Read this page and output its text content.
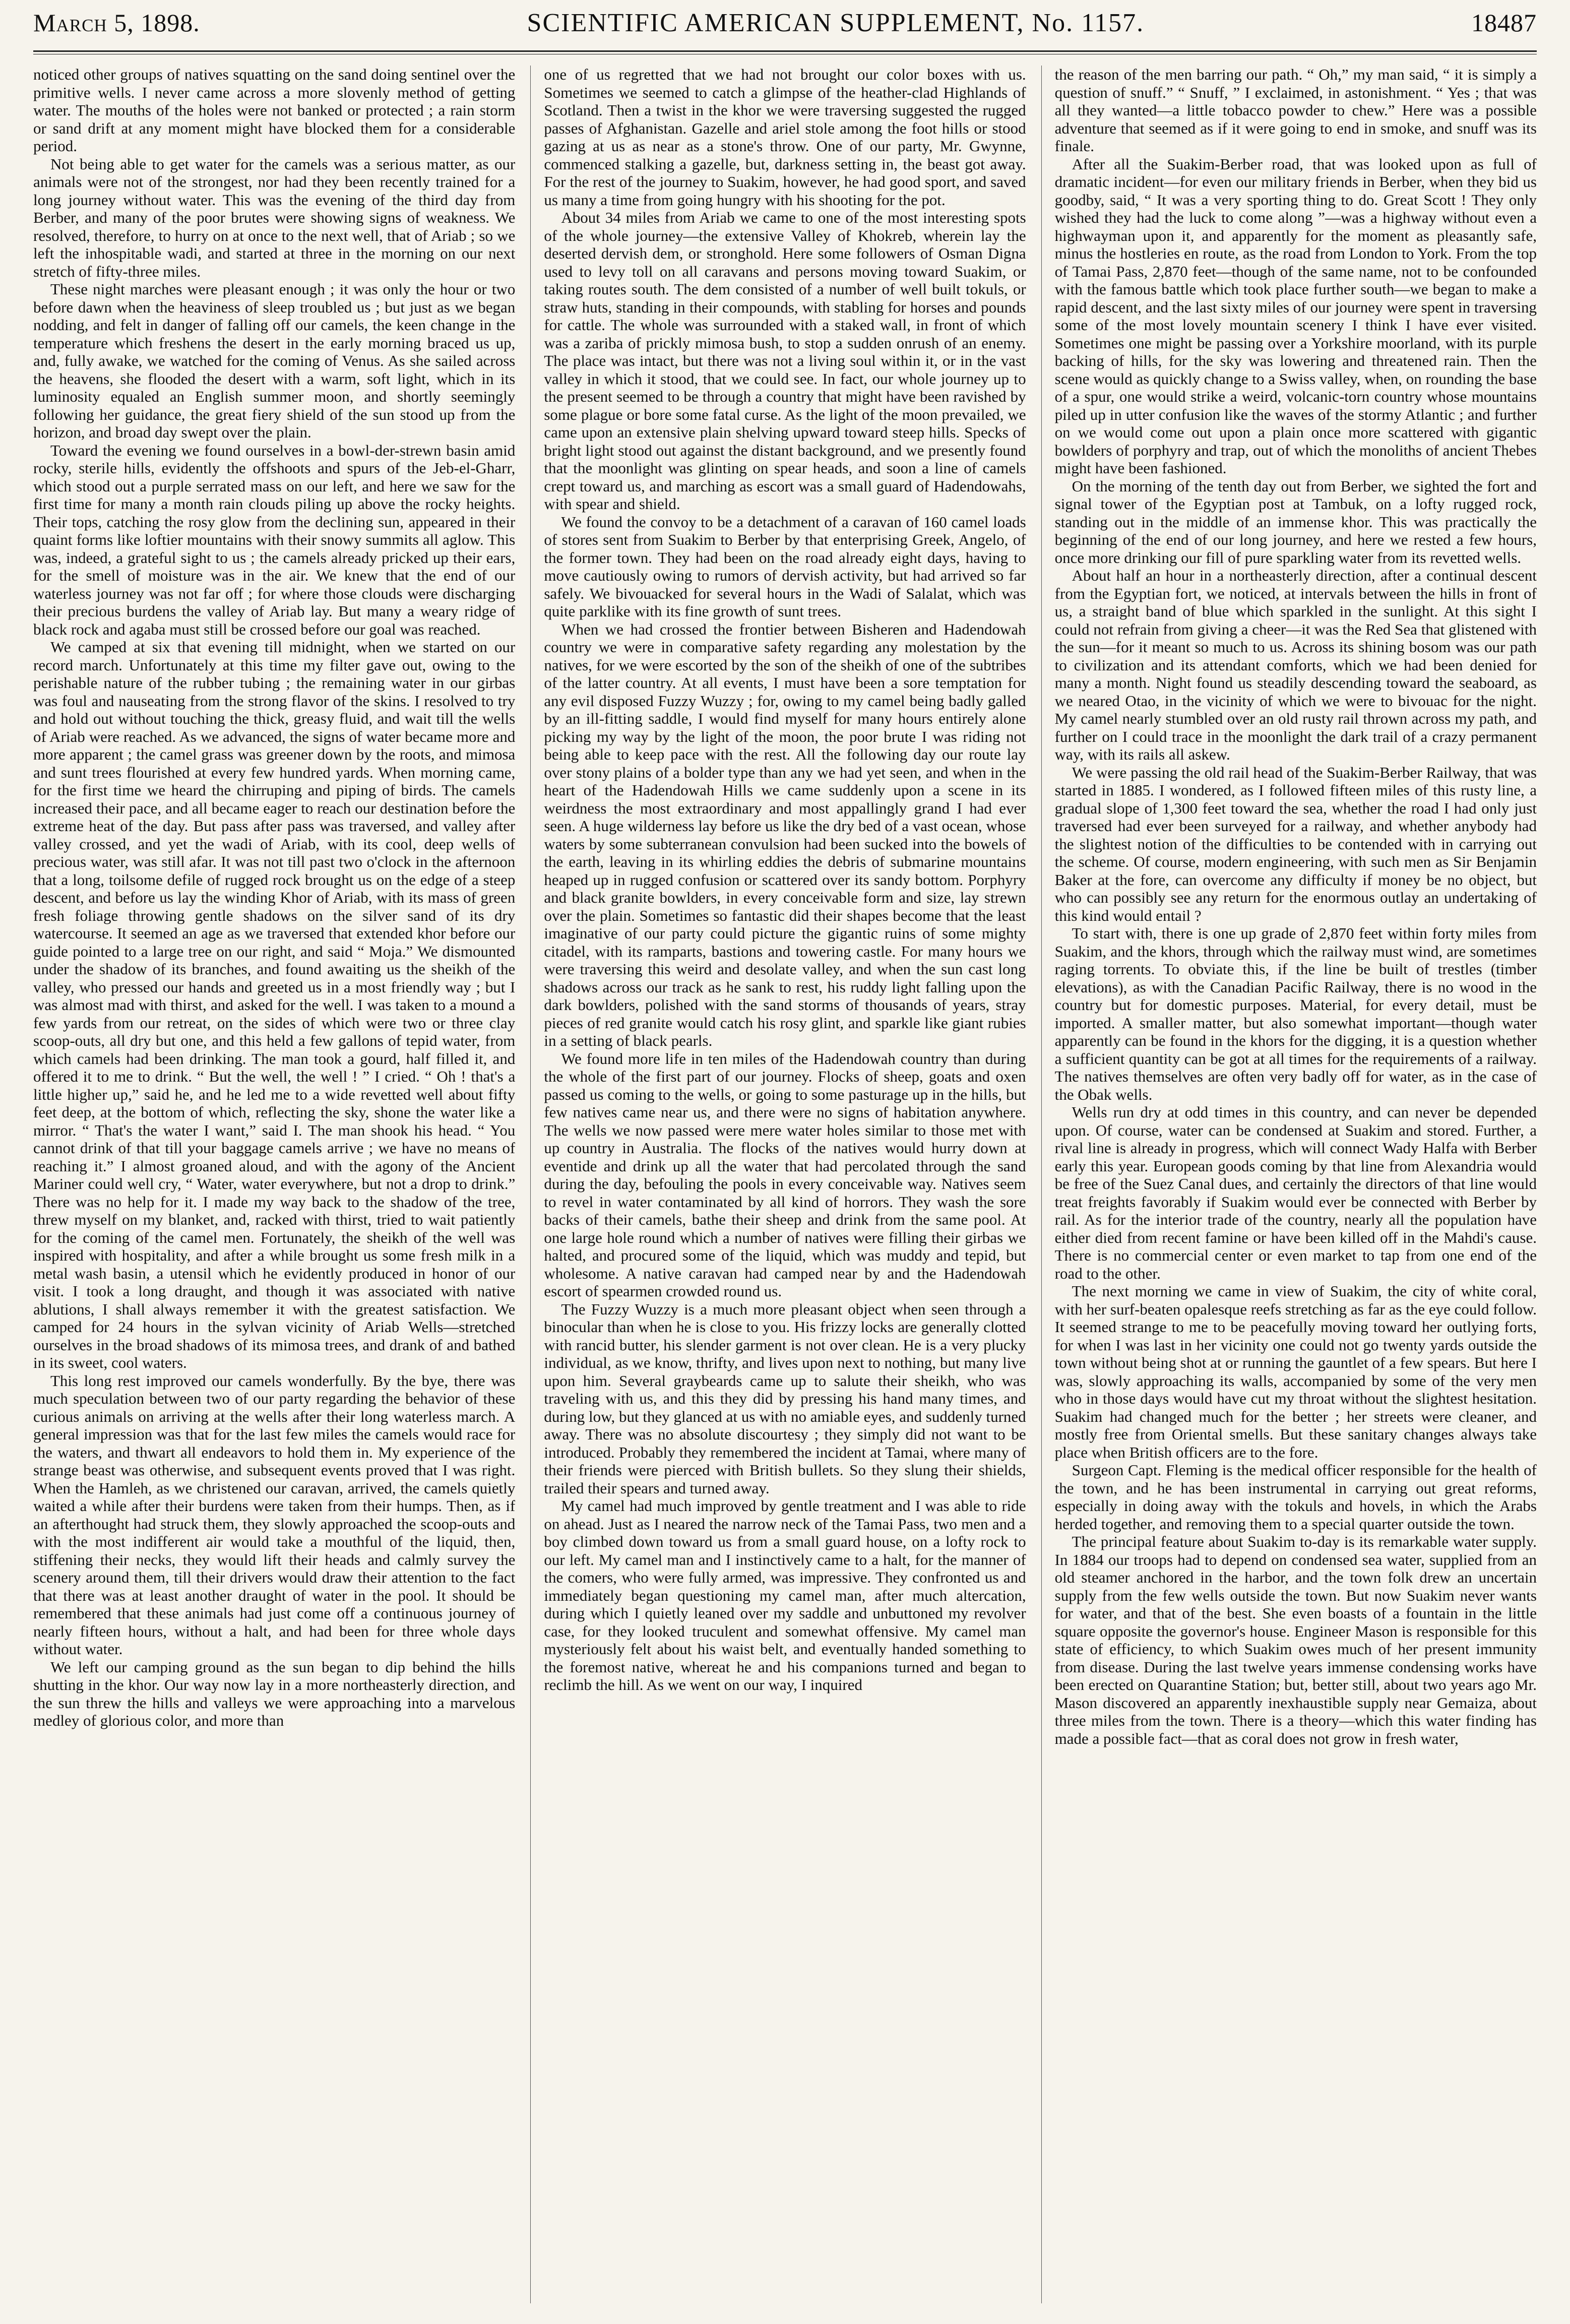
March 5, 1898.	SCIENTIFIC AMERICAN SUPPLEMENT, No. 1157.	18487

noticed other groups of natives squatting on the sand doing sentinel over the primitive wells. I never came across a more slovenly method of getting water. The mouths of the holes were not banked or protected ; a rain storm or sand drift at any moment might have blocked them for a considerable period.

Not being able to get water for the camels was a serious matter, as our animals were not of the strongest, nor had they been recently trained for a long journey without water. This was the evening of the third day from Berber, and many of the poor brutes were showing signs of weakness. We resolved, therefore, to hurry on at once to the next well, that of Ariab ; so we left the inhospitable wadi, and started at three in the morning on our next stretch of fifty-three miles.

These night marches were pleasant enough ; it was only the hour or two before dawn when the heaviness of sleep troubled us ; but just as we began nodding, and felt in danger of falling off our camels, the keen change in the temperature which freshens the desert in the early morning braced us up, and, fully awake, we watched for the coming of Venus. As she sailed across the heavens, she flooded the desert with a warm, soft light, which in its luminosity equaled an English summer moon, and shortly seemingly following her guidance, the great fiery shield of the sun stood up from the horizon, and broad day swept over the plain.

Toward the evening we found ourselves in a bowl-der-strewn basin amid rocky, sterile hills, evidently the offshoots and spurs of the Jeb-el-Gharr, which stood out a purple serrated mass on our left, and here we saw for the first time for many a month rain clouds piling up above the rocky heights. Their tops, catching the rosy glow from the declining sun, appeared in their quaint forms like loftier mountains with their snowy summits all aglow. This was, indeed, a grateful sight to us ; the camels already pricked up their ears, for the smell of moisture was in the air. We knew that the end of our waterless journey was not far off ; for where those clouds were discharging their precious burdens the valley of Ariab lay. But many a weary ridge of black rock and agaba must still be crossed before our goal was reached.

We camped at six that evening till midnight, when we started on our record march. Unfortunately at this time my filter gave out, owing to the perishable nature of the rubber tubing ; the remaining water in our girbas was foul and nauseating from the strong flavor of the skins. I resolved to try and hold out without touching the thick, greasy fluid, and wait till the wells of Ariab were reached. As we advanced, the signs of water became more and more apparent ; the camel grass was greener down by the roots, and mimosa and sunt trees flourished at every few hundred yards. When morning came, for the first time we heard the chirruping and piping of birds. The camels increased their pace, and all became eager to reach our destination before the extreme heat of the day. But pass after pass was traversed, and valley after valley crossed, and yet the wadi of Ariab, with its cool, deep wells of precious water, was still afar. It was not till past two o'clock in the afternoon that a long, toilsome defile of rugged rock brought us on the edge of a steep descent, and before us lay the winding Khor of Ariab, with its mass of green fresh foliage throwing gentle shadows on the silver sand of its dry watercourse. It seemed an age as we traversed that extended khor before our guide pointed to a large tree on our right, and said “ Moja.” We dismounted under the shadow of its branches, and found awaiting us the sheikh of the valley, who pressed our hands and greeted us in a most friendly way ; but I was almost mad with thirst, and asked for the well. I was taken to a mound a few yards from our retreat, on the sides of which were two or three clay scoop-outs, all dry but one, and this held a few gallons of tepid water, from which camels had been drinking. The man took a gourd, half filled it, and offered it to me to drink. “ But the well, the well ! ” I cried. “ Oh ! that's a little higher up,” said he, and he led me to a wide revetted well about fifty feet deep, at the bottom of which, reflecting the sky, shone the water like a mirror. “ That's the water I want,” said I. The man shook his head. “ You cannot drink of that till your baggage camels arrive ; we have no means of reaching it.” I almost groaned aloud, and with the agony of the Ancient Mariner could well cry, “ Water, water everywhere, but not a drop to drink.” There was no help for it. I made my way back to the shadow of the tree, threw myself on my blanket, and, racked with thirst, tried to wait patiently for the coming of the camel men. Fortunately, the sheikh of the well was inspired with hospitality, and after a while brought us some fresh milk in a metal wash basin, a utensil which he evidently produced in honor of our visit. I took a long draught, and though it was associated with native ablutions, I shall always remember it with the greatest satisfaction. We camped for 24 hours in the sylvan vicinity of Ariab Wells—stretched ourselves in the broad shadows of its mimosa trees, and drank of and bathed in its sweet, cool waters.

This long rest improved our camels wonderfully. By the bye, there was much speculation between two of our party regarding the behavior of these curious animals on arriving at the wells after their long waterless march. A general impression was that for the last few miles the camels would race for the waters, and thwart all endeavors to hold them in. My experience of the strange beast was otherwise, and subsequent events proved that I was right. When the Hamleh, as we christened our caravan, arrived, the camels quietly waited a while after their burdens were taken from their humps. Then, as if an afterthought had struck them, they slowly approached the scoop-outs and with the most indifferent air would take a mouthful of the liquid, then, stiffening their necks, they would lift their heads and calmly survey the scenery around them, till their drivers would draw their attention to the fact that there was at least another draught of water in the pool. It should be remembered that these animals had just come off a continuous journey of nearly fifteen hours, without a halt, and had been for three whole days without water.

We left our camping ground as the sun began to dip behind the hills shutting in the khor. Our way now lay in a more northeasterly direction, and the sun threw the hills and valleys we were approaching into a marvelous medley of glorious color, and more than

one of us regretted that we had not brought our color boxes with us. Sometimes we seemed to catch a glimpse of the heather-clad Highlands of Scotland. Then a twist in the khor we were traversing suggested the rugged passes of Afghanistan. Gazelle and ariel stole among the foot hills or stood gazing at us as near as a stone's throw. One of our party, Mr. Gwynne, commenced stalking a gazelle, but, darkness setting in, the beast got away. For the rest of the journey to Suakim, however, he had good sport, and saved us many a time from going hungry with his shooting for the pot.

About 34 miles from Ariab we came to one of the most interesting spots of the whole journey—the extensive Valley of Khokreb, wherein lay the deserted dervish dem, or stronghold. Here some followers of Osman Digna used to levy toll on all caravans and persons moving toward Suakim, or taking routes south. The dem consisted of a number of well built tokuls, or straw huts, standing in their compounds, with stabling for horses and pounds for cattle. The whole was surrounded with a staked wall, in front of which was a zariba of prickly mimosa bush, to stop a sudden onrush of an enemy. The place was intact, but there was not a living soul within it, or in the vast valley in which it stood, that we could see. In fact, our whole journey up to the present seemed to be through a country that might have been ravished by some plague or bore some fatal curse. As the light of the moon prevailed, we came upon an extensive plain shelving upward toward steep hills. Specks of bright light stood out against the distant background, and we presently found that the moonlight was glinting on spear heads, and soon a line of camels crept toward us, and marching as escort was a small guard of Hadendowahs, with spear and shield.

We found the convoy to be a detachment of a caravan of 160 camel loads of stores sent from Suakim to Berber by that enterprising Greek, Angelo, of the former town. They had been on the road already eight days, having to move cautiously owing to rumors of dervish activity, but had arrived so far safely. We bivouacked for several hours in the Wadi of Salalat, which was quite parklike with its fine growth of sunt trees.

When we had crossed the frontier between Bisheren and Hadendowah country we were in comparative safety regarding any molestation by the natives, for we were escorted by the son of the sheikh of one of the subtribes of the latter country. At all events, I must have been a sore temptation for any evil disposed Fuzzy Wuzzy ; for, owing to my camel being badly galled by an ill-fitting saddle, I would find myself for many hours entirely alone picking my way by the light of the moon, the poor brute I was riding not being able to keep pace with the rest. All the following day our route lay over stony plains of a bolder type than any we had yet seen, and when in the heart of the Hadendowah Hills we came suddenly upon a scene in its weirdness the most extraordinary and most appallingly grand I had ever seen. A huge wilderness lay before us like the dry bed of a vast ocean, whose waters by some subterranean convulsion had been sucked into the bowels of the earth, leaving in its whirling eddies the debris of submarine mountains heaped up in rugged confusion or scattered over its sandy bottom. Porphyry and black granite bowlders, in every conceivable form and size, lay strewn over the plain. Sometimes so fantastic did their shapes become that the least imaginative of our party could picture the gigantic ruins of some mighty citadel, with its ramparts, bastions and towering castle. For many hours we were traversing this weird and desolate valley, and when the sun cast long shadows across our track as he sank to rest, his ruddy light falling upon the dark bowlders, polished with the sand storms of thousands of years, stray pieces of red granite would catch his rosy glint, and sparkle like giant rubies in a setting of black pearls.

We found more life in ten miles of the Hadendowah country than during the whole of the first part of our journey. Flocks of sheep, goats and oxen passed us coming to the wells, or going to some pasturage up in the hills, but few natives came near us, and there were no signs of habitation anywhere. The wells we now passed were mere water holes similar to those met with up country in Australia. The flocks of the natives would hurry down at eventide and drink up all the water that had percolated through the sand during the day, befouling the pools in every conceivable way. Natives seem to revel in water contaminated by all kind of horrors. They wash the sore backs of their camels, bathe their sheep and drink from the same pool. At one large hole round which a number of natives were filling their girbas we halted, and procured some of the liquid, which was muddy and tepid, but wholesome. A native caravan had camped near by and the Hadendowah escort of spearmen crowded round us.

The Fuzzy Wuzzy is a much more pleasant object when seen through a binocular than when he is close to you. His frizzy locks are generally clotted with rancid butter, his slender garment is not over clean. He is a very plucky individual, as we know, thrifty, and lives upon next to nothing, but many live upon him. Several graybeards came up to salute their sheikh, who was traveling with us, and this they did by pressing his hand many times, and during low, but they glanced at us with no amiable eyes, and suddenly turned away. There was no absolute discourtesy ; they simply did not want to be introduced. Probably they remembered the incident at Tamai, where many of their friends were pierced with British bullets. So they slung their shields, trailed their spears and turned away.

My camel had much improved by gentle treatment and I was able to ride on ahead. Just as I neared the narrow neck of the Tamai Pass, two men and a boy climbed down toward us from a small guard house, on a lofty rock to our left. My camel man and I instinctively came to a halt, for the manner of the comers, who were fully armed, was impressive. They confronted us and immediately began questioning my camel man, after much altercation, during which I quietly leaned over my saddle and unbuttoned my revolver case, for they looked truculent and somewhat offensive. My camel man mysteriously felt about his waist belt, and eventually handed something to the foremost native, whereat he and his companions turned and began to reclimb the hill. As we went on our way, I inquired

the reason of the men barring our path. “ Oh,” my man said, “ it is simply a question of snuff.” “ Snuff, ” I exclaimed, in astonishment. “ Yes ; that was all they wanted—a little tobacco powder to chew.” Here was a possible adventure that seemed as if it were going to end in smoke, and snuff was its finale.

After all the Suakim-Berber road, that was looked upon as full of dramatic incident—for even our military friends in Berber, when they bid us goodby, said, “ It was a very sporting thing to do. Great Scott ! They only wished they had the luck to come along ”—was a highway without even a highwayman upon it, and apparently for the moment as pleasantly safe, minus the hostleries en route, as the road from London to York. From the top of Tamai Pass, 2,870 feet—though of the same name, not to be confounded with the famous battle which took place further south—we began to make a rapid descent, and the last sixty miles of our journey were spent in traversing some of the most lovely mountain scenery I think I have ever visited. Sometimes one might be passing over a Yorkshire moorland, with its purple backing of hills, for the sky was lowering and threatened rain. Then the scene would as quickly change to a Swiss valley, when, on rounding the base of a spur, one would strike a weird, volcanic-torn country whose mountains piled up in utter confusion like the waves of the stormy Atlantic ; and further on we would come out upon a plain once more scattered with gigantic bowlders of porphyry and trap, out of which the monoliths of ancient Thebes might have been fashioned.

On the morning of the tenth day out from Berber, we sighted the fort and signal tower of the Egyptian post at Tambuk, on a lofty rugged rock, standing out in the middle of an immense khor. This was practically the beginning of the end of our long journey, and here we rested a few hours, once more drinking our fill of pure sparkling water from its revetted wells.

About half an hour in a northeasterly direction, after a continual descent from the Egyptian fort, we noticed, at intervals between the hills in front of us, a straight band of blue which sparkled in the sunlight. At this sight I could not refrain from giving a cheer—it was the Red Sea that glistened with the sun—for it meant so much to us. Across its shining bosom was our path to civilization and its attendant comforts, which we had been denied for many a month. Night found us steadily descending toward the seaboard, as we neared Otao, in the vicinity of which we were to bivouac for the night. My camel nearly stumbled over an old rusty rail thrown across my path, and further on I could trace in the moonlight the dark trail of a crazy permanent way, with its rails all askew.

We were passing the old rail head of the Suakim-Berber Railway, that was started in 1885. I wondered, as I followed fifteen miles of this rusty line, a gradual slope of 1,300 feet toward the sea, whether the road I had only just traversed had ever been surveyed for a railway, and whether anybody had the slightest notion of the difficulties to be contended with in carrying out the scheme. Of course, modern engineering, with such men as Sir Benjamin Baker at the fore, can overcome any difficulty if money be no object, but who can possibly see any return for the enormous outlay an undertaking of this kind would entail ?

To start with, there is one up grade of 2,870 feet within forty miles from Suakim, and the khors, through which the railway must wind, are sometimes raging torrents. To obviate this, if the line be built of trestles (timber elevations), as with the Canadian Pacific Railway, there is no wood in the country but for domestic purposes. Material, for every detail, must be imported. A smaller matter, but also somewhat important—though water apparently can be found in the khors for the digging, it is a question whether a sufficient quantity can be got at all times for the requirements of a railway. The natives themselves are often very badly off for water, as in the case of the Obak wells.

Wells run dry at odd times in this country, and can never be depended upon. Of course, water can be condensed at Suakim and stored. Further, a rival line is already in progress, which will connect Wady Halfa with Berber early this year. European goods coming by that line from Alexandria would be free of the Suez Canal dues, and certainly the directors of that line would treat freights favorably if Suakim would ever be connected with Berber by rail. As for the interior trade of the country, nearly all the population have either died from recent famine or have been killed off in the Mahdi's cause. There is no commercial center or even market to tap from one end of the road to the other.

The next morning we came in view of Suakim, the city of white coral, with her surf-beaten opalesque reefs stretching as far as the eye could follow. It seemed strange to me to be peacefully moving toward her outlying forts, for when I was last in her vicinity one could not go twenty yards outside the town without being shot at or running the gauntlet of a few spears. But here I was, slowly approaching its walls, accompanied by some of the very men who in those days would have cut my throat without the slightest hesitation. Suakim had changed much for the better ; her streets were cleaner, and mostly free from Oriental smells. But these sanitary changes always take place when British officers are to the fore.

Surgeon Capt. Fleming is the medical officer responsible for the health of the town, and he has been instrumental in carrying out great reforms, especially in doing away with the tokuls and hovels, in which the Arabs herded together, and removing them to a special quarter outside the town.

The principal feature about Suakim to-day is its remarkable water supply. In 1884 our troops had to depend on condensed sea water, supplied from an old steamer anchored in the harbor, and the town folk drew an uncertain supply from the few wells outside the town. But now Suakim never wants for water, and that of the best. She even boasts of a fountain in the little square opposite the governor's house. Engineer Mason is responsible for this state of efficiency, to which Suakim owes much of her present immunity from disease. During the last twelve years immense condensing works have been erected on Quarantine Station; but, better still, about two years ago Mr. Mason discovered an apparently inexhaustible supply near Gemaiza, about three miles from the town. There is a theory—which this water finding has made a possible fact—that as coral does not grow in fresh water,
